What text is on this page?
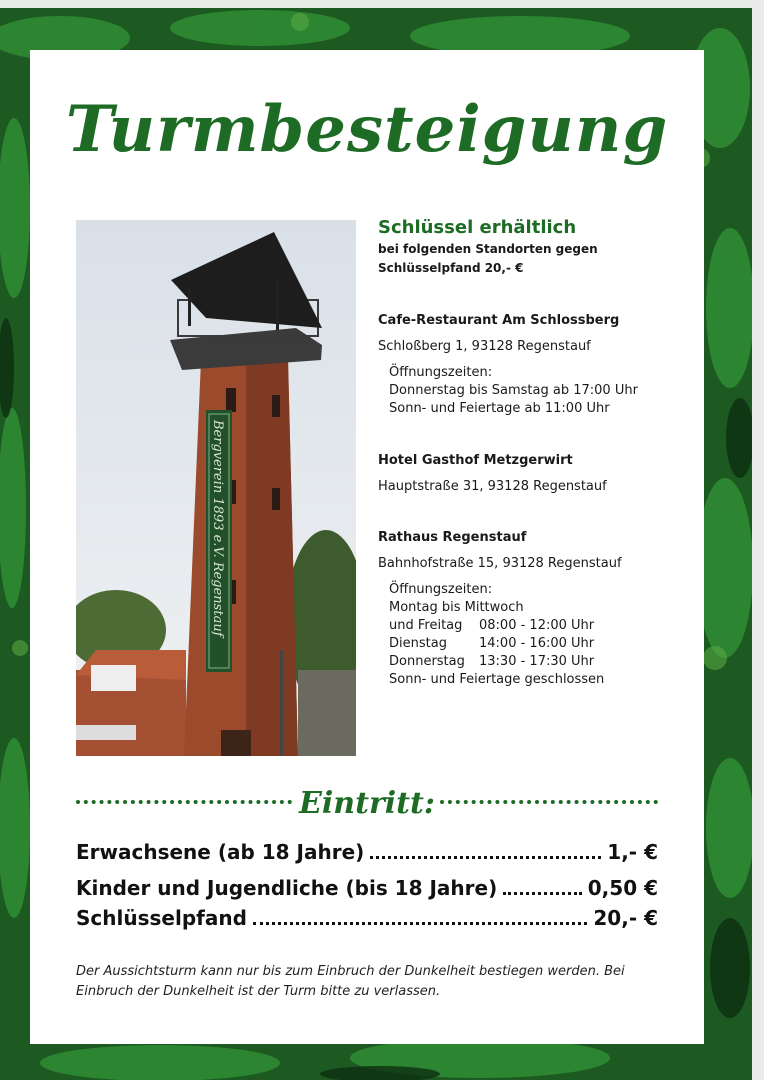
Turmbesteigung
Bergverein 1893 e.V. Regenstauf
Schlüssel erhältlich
bei folgenden Standorten gegen
Schlüsselpfand 20,- €
Cafe-Restaurant Am Schlossberg
Schloßberg 1, 93128 Regenstauf
Öffnungszeiten:
Donnerstag bis Samstag ab 17:00 Uhr
Sonn- und Feiertage ab 11:00 Uhr
Hotel Gasthof Metzgerwirt
Hauptstraße 31, 93128 Regenstauf
Rathaus Regenstauf
Bahnhofstraße 15, 93128 Regenstauf
Öffnungszeiten:
Montag bis Mittwoch
und Freitag 08:00 - 12:00 Uhr
Dienstag 14:00 - 16:00 Uhr
Donnerstag 13:30 - 17:30 Uhr
Sonn- und Feiertage geschlossen
Eintritt:
Erwachsene (ab 18 Jahre)	1,- €
Kinder und Jugendliche (bis 18 Jahre)	0,50 €
Schlüsselpfand	20,- €
Der Aussichtsturm kann nur bis zum Einbruch der Dunkelheit bestiegen werden. Bei Einbruch der Dunkelheit ist der Turm bitte zu verlassen.
